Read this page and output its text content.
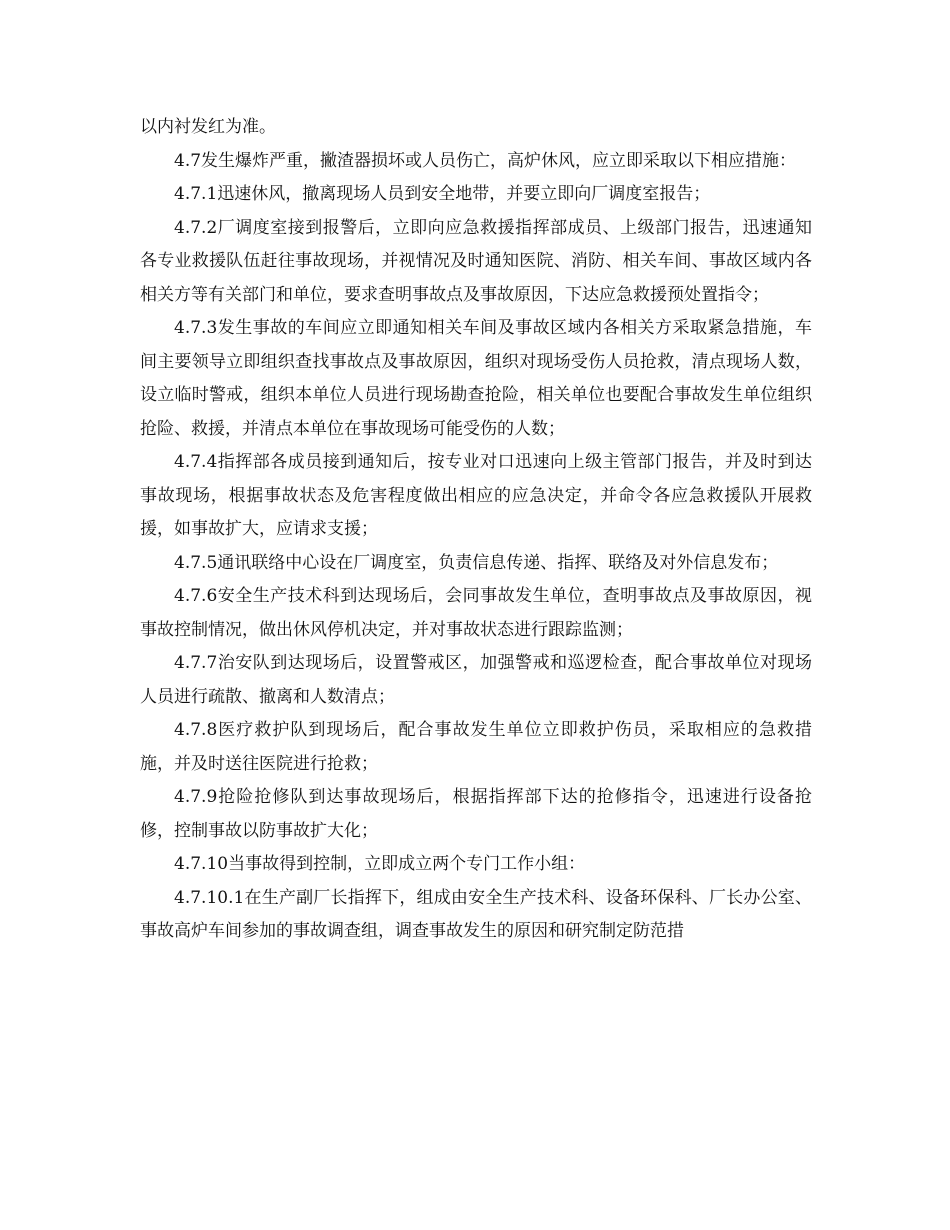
以内衬发红为准。

4.7发生爆炸严重，撇渣器损坏或人员伤亡，高炉休风，应立即采取以下相应措施：

4.7.1迅速休风，撤离现场人员到安全地带，并要立即向厂调度室报告；

4.7.2厂调度室接到报警后，立即向应急救援指挥部成员、上级部门报告，迅速通知各专业救援队伍赶往事故现场，并视情况及时通知医院、消防、相关车间、事故区域内各相关方等有关部门和单位，要求查明事故点及事故原因，下达应急救援预处置指令；

4.7.3发生事故的车间应立即通知相关车间及事故区域内各相关方采取紧急措施，车间主要领导立即组织查找事故点及事故原因，组织对现场受伤人员抢救，清点现场人数，设立临时警戒，组织本单位人员进行现场勘查抢险，相关单位也要配合事故发生单位组织抢险、救援，并清点本单位在事故现场可能受伤的人数；

4.7.4指挥部各成员接到通知后，按专业对口迅速向上级主管部门报告，并及时到达事故现场，根据事故状态及危害程度做出相应的应急决定，并命令各应急救援队开展救援，如事故扩大，应请求支援；

4.7.5通讯联络中心设在厂调度室，负责信息传递、指挥、联络及对外信息发布；

4.7.6安全生产技术科到达现场后，会同事故发生单位，查明事故点及事故原因，视事故控制情况，做出休风停机决定，并对事故状态进行跟踪监测；

4.7.7治安队到达现场后，设置警戒区，加强警戒和巡逻检查，配合事故单位对现场人员进行疏散、撤离和人数清点；

4.7.8医疗救护队到现场后，配合事故发生单位立即救护伤员，采取相应的急救措施，并及时送往医院进行抢救；

4.7.9抢险抢修队到达事故现场后，根据指挥部下达的抢修指令，迅速进行设备抢修，控制事故以防事故扩大化；

4.7.10当事故得到控制，立即成立两个专门工作小组：

4.7.10.1在生产副厂长指挥下，组成由安全生产技术科、设备环保科、厂长办公室、事故高炉车间参加的事故调查组，调查事故发生的原因和研究制定防范措
